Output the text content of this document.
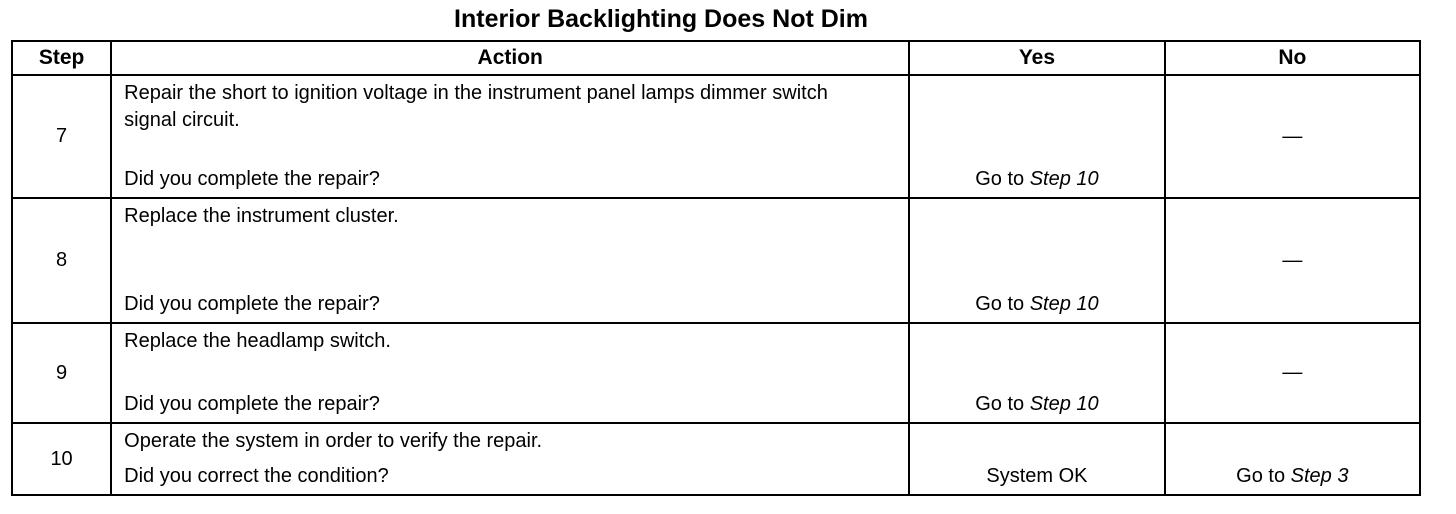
Interior Backlighting Does Not Dim
Step	Action	Yes	No
7	Repair the short to ignition voltage in the instrument panel lamps dimmer switch signal circuit.
Did you complete the repair?	Go to Step 10	—

8	Replace the instrument cluster.
Did you complete the repair?	Go to Step 10	—

9	Replace the headlamp switch.
Did you complete the repair?	Go to Step 10	—

10	Operate the system in order to verify the repair.
Did you correct the condition?	System OK	Go to Step 3
